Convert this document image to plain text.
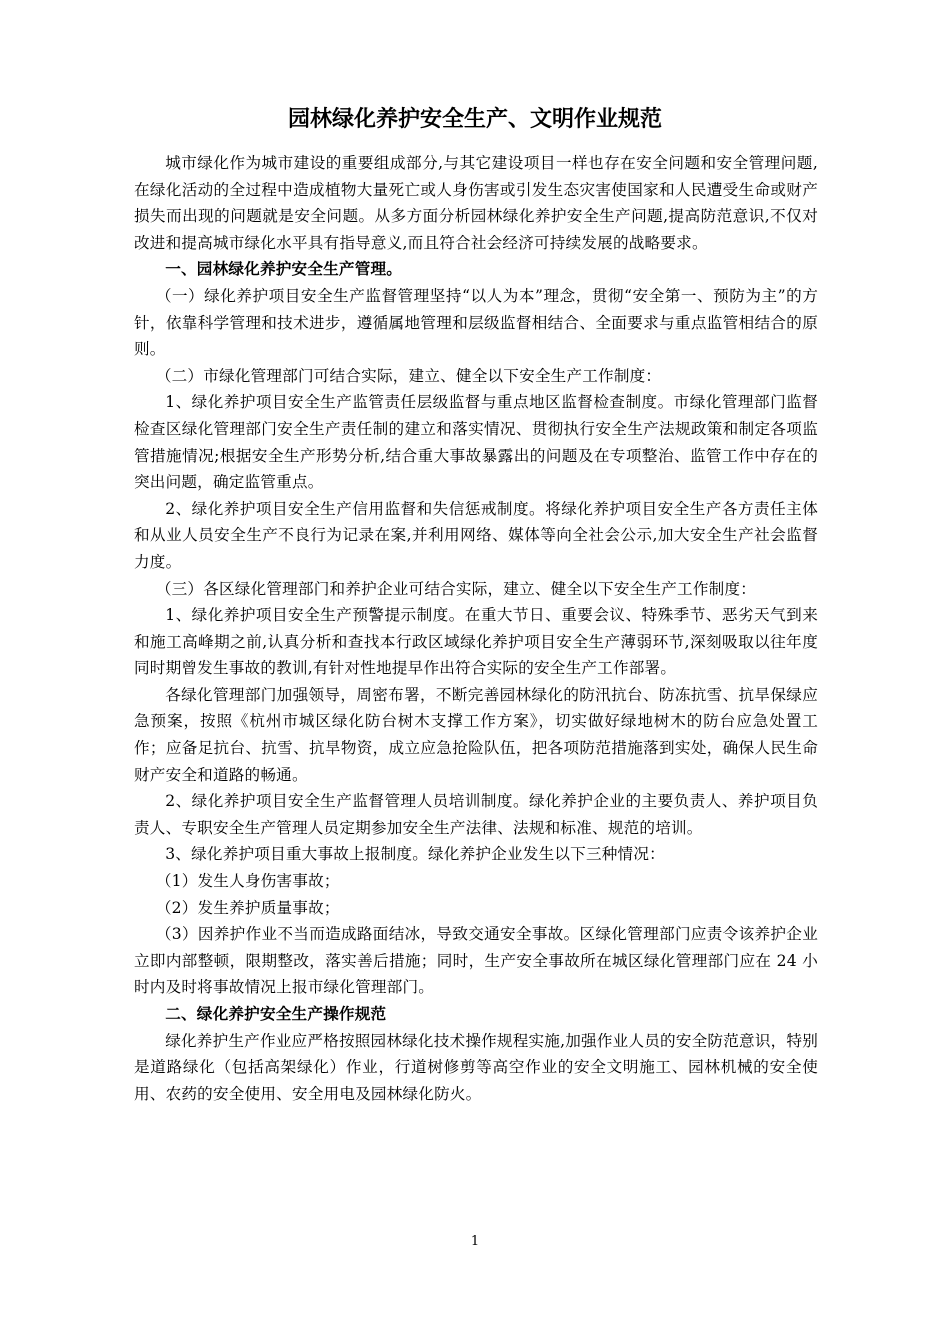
园林绿化养护安全生产、文明作业规范

城市绿化作为城市建设的重要组成部分,与其它建设项目一样也存在安全问题和安全管理问题,在绿化活动的全过程中造成植物大量死亡或人身伤害或引发生态灾害使国家和人民遭受生命或财产损失而出现的问题就是安全问题。从多方面分析园林绿化养护安全生产问题,提高防范意识,不仅对改进和提高城市绿化水平具有指导意义,而且符合社会经济可持续发展的战略要求。

一、园林绿化养护安全生产管理。

（一）绿化养护项目安全生产监督管理坚持“以人为本”理念，贯彻“安全第一、预防为主”的方针，依靠科学管理和技术进步，遵循属地管理和层级监督相结合、全面要求与重点监管相结合的原则。

（二）市绿化管理部门可结合实际，建立、健全以下安全生产工作制度：

1、绿化养护项目安全生产监管责任层级监督与重点地区监督检查制度。市绿化管理部门监督检查区绿化管理部门安全生产责任制的建立和落实情况、贯彻执行安全生产法规政策和制定各项监管措施情况;根据安全生产形势分析,结合重大事故暴露出的问题及在专项整治、监管工作中存在的突出问题，确定监管重点。

2、绿化养护项目安全生产信用监督和失信惩戒制度。将绿化养护项目安全生产各方责任主体和从业人员安全生产不良行为记录在案,并利用网络、媒体等向全社会公示,加大安全生产社会监督力度。

（三）各区绿化管理部门和养护企业可结合实际，建立、健全以下安全生产工作制度：

1、绿化养护项目安全生产预警提示制度。在重大节日、重要会议、特殊季节、恶劣天气到来和施工高峰期之前,认真分析和查找本行政区域绿化养护项目安全生产薄弱环节,深刻吸取以往年度同时期曾发生事故的教训,有针对性地提早作出符合实际的安全生产工作部署。

各绿化管理部门加强领导，周密布署，不断完善园林绿化的防汛抗台、防冻抗雪、抗旱保绿应急预案，按照《杭州市城区绿化防台树木支撑工作方案》，切实做好绿地树木的防台应急处置工作；应备足抗台、抗雪、抗旱物资，成立应急抢险队伍，把各项防范措施落到实处，确保人民生命财产安全和道路的畅通。

2、绿化养护项目安全生产监督管理人员培训制度。绿化养护企业的主要负责人、养护项目负责人、专职安全生产管理人员定期参加安全生产法律、法规和标准、规范的培训。

3、绿化养护项目重大事故上报制度。绿化养护企业发生以下三种情况：

（1）发生人身伤害事故；

（2）发生养护质量事故；

（3）因养护作业不当而造成路面结冰，导致交通安全事故。区绿化管理部门应责令该养护企业立即内部整顿，限期整改，落实善后措施；同时，生产安全事故所在城区绿化管理部门应在 24 小时内及时将事故情况上报市绿化管理部门。

二、绿化养护安全生产操作规范

绿化养护生产作业应严格按照园林绿化技术操作规程实施,加强作业人员的安全防范意识，特别是道路绿化（包括高架绿化）作业，行道树修剪等高空作业的安全文明施工、园林机械的安全使用、农药的安全使用、安全用电及园林绿化防火。

1
